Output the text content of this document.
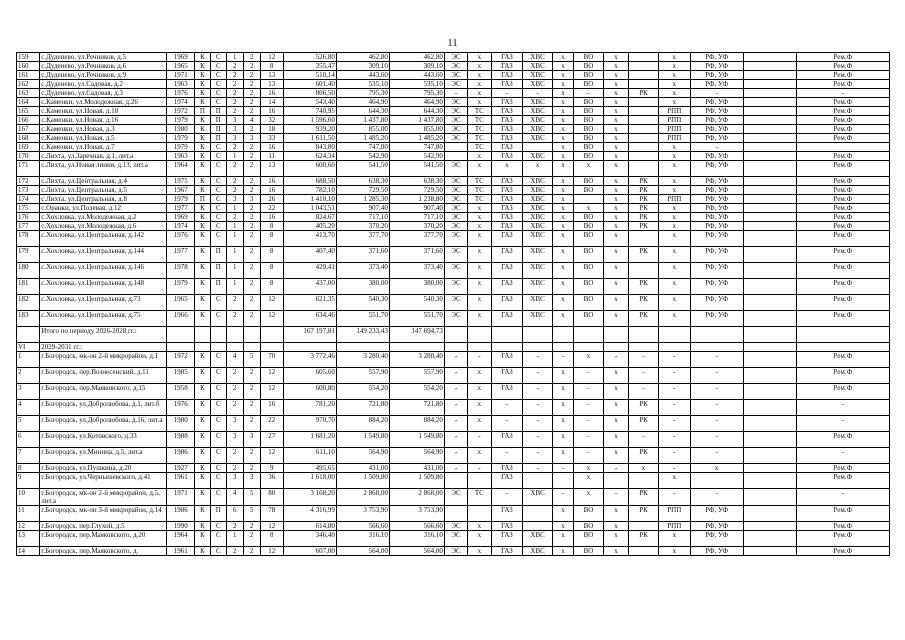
11
159	с.Дуденево, ул.Речников, д.5	1969	К	С	1	2	12	526,80	462,80	462,80	ЭС	х	ГАЗ	ХВС	х	ВО	х		х	РФ, УФ		Рем.Ф
160	с.Дуденево, ул.Речников, д.6	1965	К	С	2	2	8	355,47	309,10	309,10	ЭС	х	ГАЗ	ХВС	х	ВО	х		х	РФ, УФ		Рем.Ф
161	с.Дуденево, ул.Речников, д.9	1971	К	С	2	2	13	510,14	443,60	443,60	ЭС	х	ГАЗ	ХВС	х	ВО	х		х	РФ, УФ		Рем.Ф
162	с.Дуденево, ул.Садовая, д.2	1963	К	С	2	2	13	601,40	535,10	535,10	ЭС	х	ГАЗ	ХВС	х	ВО	х		х	РФ, УФ		Рем.Ф
163	с.Дуденево, ул.Садовая, д.3	1976	К	С	2	2	16	866,50	795,30	795,30	-	х	-	-	х	-	х	РК	х	-		-
164	с.Каменки, ул.Молодежная, д.26	1974	К	С	2	2	14	543,40	464,90	464,90	ЭС	х	ГАЗ	ХВС	х	ВО	х		х	РФ, УФ		Рем.Ф
165	с.Каменки, ул.Новая, д.10	1972	П	П	2	2	16	740,95	644,30	644,30	ЭС	ТС	ГАЗ	ХВС	х	ВО	х		РПП	РФ, УФ		Рем.Ф
166	с.Каменки, ул.Новая, д.16	1979	К	П	3	4	32	1 596,60	1 437,80	1 437,80	ЭС	ТС	ГАЗ	ХВС	х	ВО	х		РПП	РФ, УФ		Рем.Ф
167	с.Каменки, ул.Новая, д.3	1980	К	П	3	2	18	939,20	855,00	855,00	ЭС	ТС	ГАЗ	ХВС	х	ВО	х		РПП	РФ, УФ		Рем.Ф
168	с.Каменки, ул.Новая, д.5	1979	К	П	3	3	33	1 611,50	1 485,20	1 485,20	ЭС	ТС	ГАЗ	ХВС	х	ВО	х		РПП	РФ, УФ		Рем.Ф
169	с.Каменки, ул.Новая, д.7	1979	К	С	2	2	16	843,80	747,80	747,80		ТС	ГАЗ		х	ВО	х		х	-		
170	с.Лихта, ул.Заречная, д.1, лит.а	1963	К	С	1	2	11	624,34	542,90	542,90		х	ГАЗ	ХВС	х	ВО	х		х	РФ, УФ		Рем.Ф
171	с.Лихта, ул.Новая линия, д.13, лит.а	1964	К	С	2	2	13	600,60	541,50	541,50	ЭС	х	х	х	х	х	х		х	РФ, УФ		Рем.Ф
172	с.Лихта, ул.Центральная, д.4	1975	К	С	2	2	16	688,50	638,30	638,30	ЭС	ТС	ГАЗ	ХВС	х	ВО	х	РК	х	РФ, УФ		Рем.Ф
173	с.Лихта, ул.Центральная, д.5	1967	К	С	2	2	16	782,10	729,50	729,50	ЭС	ТС	ГАЗ	ХВС	х	ВО	х	РК	х	РФ, УФ		Рем.Ф
174	с.Лихта, ул.Центральная, д.8	1979	П	С	3	3	26	1 410,10	1 285,30	1 238,80	ЭС	ТС	ГАЗ	ХВС	х		х	РК	РПП	РФ, УФ		Рем.Ф
175	с.Оранки, ул.Полевая, д.12	1977	К	С	1	2	22	1 043,51	907,40	907,40	ЭС	х	ГАЗ	ХВС	х	х	х	РК	х	РФ, УФ		Рем.Ф
176	с.Хохловка, ул.Молодежная, д.2	1969	К	С	2	2	16	824,67	717,10	717,10	ЭС	х	ГАЗ	ХВС	х	ВО	х	РК	х	РФ, УФ		Рем.Ф
177	с.Хохловка, ул.Молодежная, д.6	1974	К	С	1	2	8	405,20	370,20	370,20	ЭС	х	ГАЗ	ХВС	х	ВО	х	РК	х	РФ, УФ		Рем.Ф
178	с.Хохловка, ул.Центральная, д.142	1976	К	С	1	2	8	413,70	377,70	377,70	ЭС	х	ГАЗ	ХВС	х	ВО	х		х	РФ, УФ		Рем.Ф
179	с.Хохловка, ул.Центральная, д.144	1977	К	П	1	2	8	407,40	371,60	371,60	ЭС	х	ГАЗ	ХВС	х	ВО	х	РК	х	РФ, УФ		Рем.Ф
180	с.Хохловка, ул.Центральная, д.146	1978	К	П	1	2	8	429,41	373,40	373,40	ЭС	х	ГАЗ	ХВС	х	ВО	х		х	РФ, УФ		Рем.Ф
181	с.Хохловка, ул.Центральная, д.148	1979	К	П	1	2	8	437,00	380,00	380,00	ЭС	х	ГАЗ	ХВС	х	ВО	х	РК	х	РФ, УФ		Рем.Ф
182	с.Хохловка, ул.Центральная, д.73	1965	К	С	2	2	12	621,35	540,30	540,30	ЭС	х	ГАЗ	ХВС	х	ВО	х	РК	х	РФ, УФ		Рем.Ф
183	с.Хохловка, ул.Центральная, д.75	1966	К	С	2	2	12	634,46	551,70	551,70	ЭС	х	ГАЗ	ХВС	х	ВО	х	РК	х	РФ, УФ		Рем.Ф
	Итого по периоду 2026-2028 гг.:							167 197,81	149 233,43	147 694,73												
VI	2029-2031 гг.:																					
1	г.Богородск, мк-он 2-й микрорайон, д.1	1972	К	С	4	5	70	3 772,46	3 280,40	3 280,40	-	-	ГАЗ	-	-	х	-	-	-	-		Рем.Ф
2	г.Богородск, пер.Вознесенский, д.11	1985	К	С	2	2	12	605,60	557,90	557,90	-	х	ГАЗ	-	х	-	х	-	-	-		Рем.Ф
3	г.Богородск, пер.Маяковского, д.15	1958	К	С	2	2	12	600,80	554,20	554,20	-	х	ГАЗ	-	х	-	х	-	-	-		Рем.Ф
4	г.Богородск, ул.Добролюбова, д.1, лит.б	1976	К	С	2	2	16	781,20	721,80	721,80	-	х	-	-	х	-	х	РК	-	-		-
5	г.Богородск, ул.Добролюбова, д.16, лит.а	1980	К	С	3	2	22	970,70	884,20	884,20	-	х	-	-	х	-	х	РК	-	-		-
6	г.Богородск, ул.Котовского, д.33	1988	К	С	3	3	27	1 681,20	1 549,80	1 549,80	-	-	ГАЗ	-	х	-	х	-	-	-		Рем.Ф
7	г.Богородск, ул.Минина, д.5, лит.а	1986	К	С	2	2	12	611,10	564,90	564,90	-	х	-	-	х	-	х	РК	-	-		-
8	г.Богородск, ул.Пушкина, д.20	1927	К	С	2	2	9	495,65	431,00	431,00	-	-	ГАЗ	-	-	х	-	х	-	х		Рем.Ф
9	г.Богородск, ул.Чернышевского, д.41	1961	К	С	3	3	36	1 618,00	1 509,80	1 509,80			ГАЗ			х			х			Рем.Ф
10	г.Богородск, мк-он 2-й микрорайон, д.5, лит.а	1971	К	С	4	5	80	3 168,20	2 868,00	2 868,00	ЭС	ТС	-	ХВС	-	х	-	РК	-	-		-
11	г.Богородск, мк-он 3-й микрорайон, д.14	1986	К	П	6	5	78	4 316,99	3 753,90	3 753,90			ГАЗ		х	ВО	х	РК	РПП	РФ, УФ		Рем.Ф
12	г.Богородск, пер.Глухой, д.5	1990	К	С	2	2	12	614,80	566,60	566,60	ЭС	х	ГАЗ		х	ВО	х		РПП	РФ, УФ		Рем.Ф
13	г.Богородск, пер.Маяковского, д.20	1964	К	С	1	2	8	346,40	316,10	316,10	ЭС	х	ГАЗ	ХВС	х	ВО	х	РК	х	РФ, УФ		Рем.Ф
14	г.Богородск, пер.Маяковского, д.	1961	К	С	2	2	12	607,00	564,00	564,00	ЭС	х	ГАЗ	ХВС	х	ВО	х		х	РФ, УФ		Рем.Ф
